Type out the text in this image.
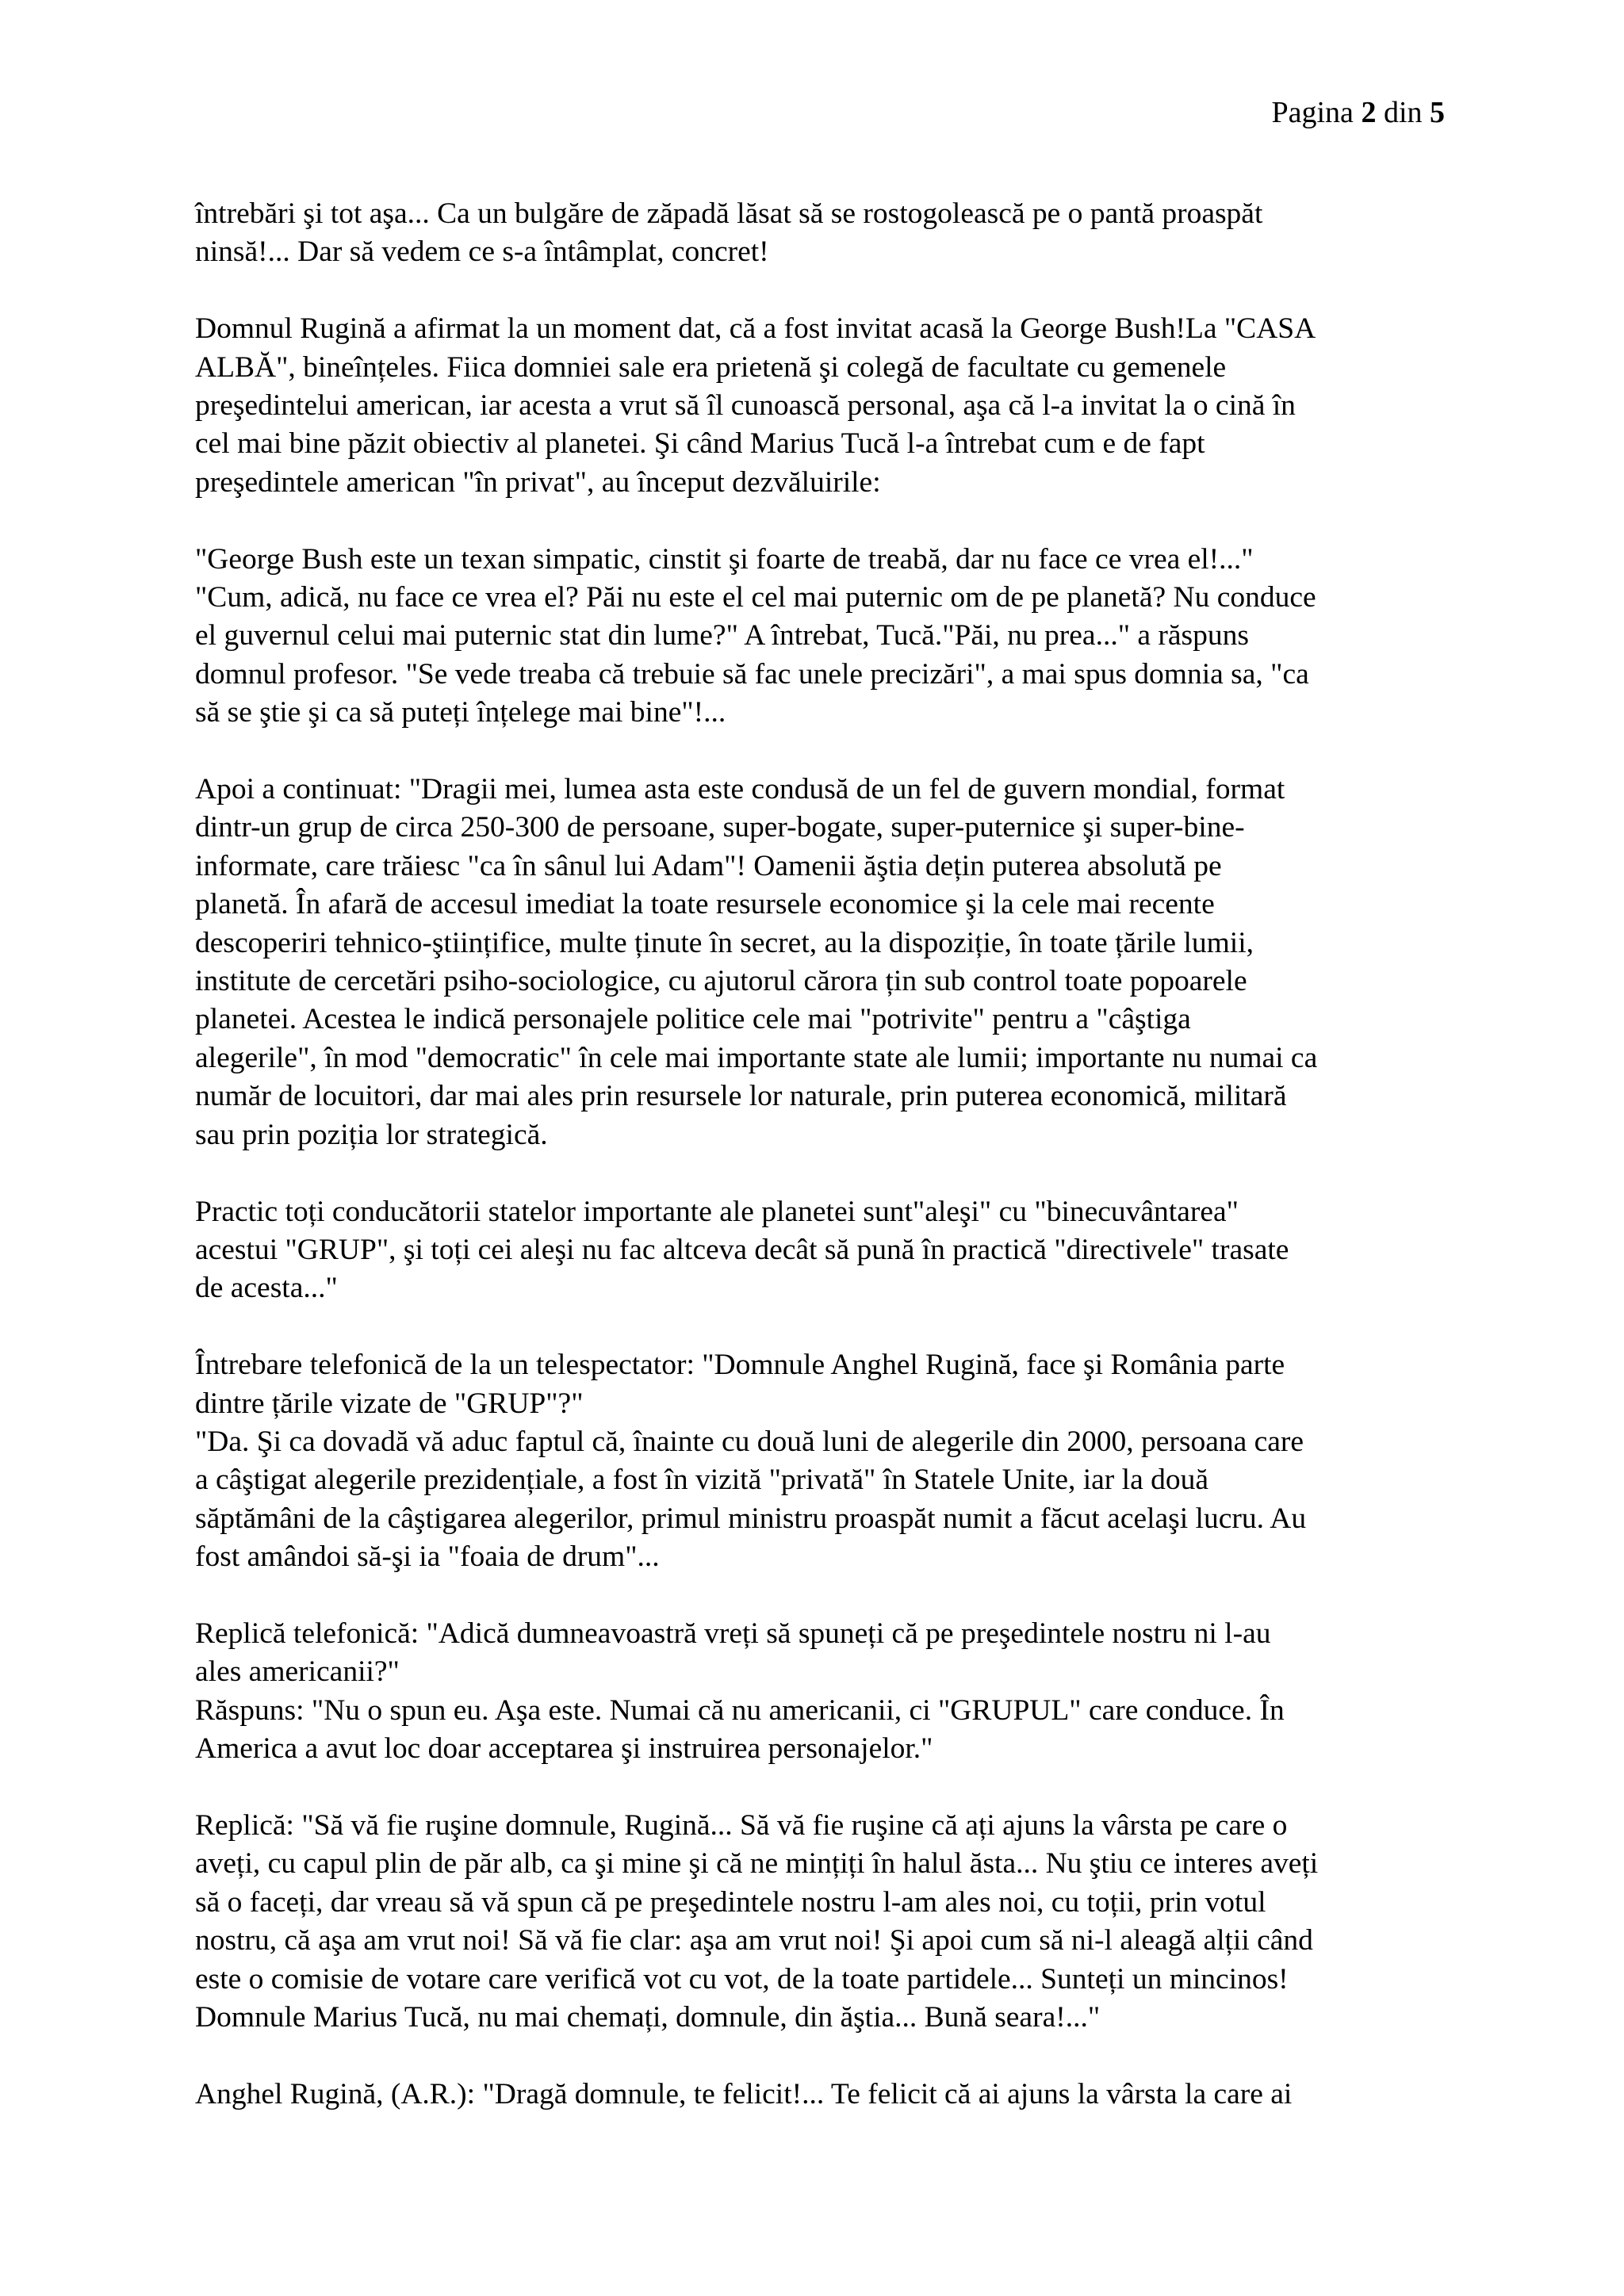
Pagina 2 din 5

întrebări şi tot aşa... Ca un bulgăre de zăpadă lăsat să se rostogolească pe o pantă proaspăt
ninsă!... Dar să vedem ce s-a întâmplat, concret!

Domnul Rugină a afirmat la un moment dat, că a fost invitat acasă la George Bush!La "CASA
ALBĂ", bineînțeles. Fiica domniei sale era prietenă şi colegă de facultate cu gemenele
preşedintelui american, iar acesta a vrut să îl cunoască personal, aşa că l-a invitat la o cină în
cel mai bine păzit obiectiv al planetei. Şi când Marius Tucă l-a întrebat cum e de fapt
preşedintele american "în privat", au început dezvăluirile:

"George Bush este un texan simpatic, cinstit şi foarte de treabă, dar nu face ce vrea el!..."
"Cum, adică, nu face ce vrea el? Păi nu este el cel mai puternic om de pe planetă? Nu conduce
el guvernul celui mai puternic stat din lume?" A întrebat, Tucă."Păi, nu prea..." a răspuns
domnul profesor. "Se vede treaba că trebuie să fac unele precizări", a mai spus domnia sa, "ca
să se ştie şi ca să puteți înțelege mai bine"!...

Apoi a continuat: "Dragii mei, lumea asta este condusă de un fel de guvern mondial, format
dintr-un grup de circa 250-300 de persoane, super-bogate, super-puternice şi super-bine-
informate, care trăiesc "ca în sânul lui Adam"! Oamenii ăştia dețin puterea absolută pe
planetă. În afară de accesul imediat la toate resursele economice şi la cele mai recente
descoperiri tehnico-ştiințifice, multe ținute în secret, au la dispoziție, în toate țările lumii,
institute de cercetări psiho-sociologice, cu ajutorul cărora țin sub control toate popoarele
planetei. Acestea le indică personajele politice cele mai "potrivite" pentru a "câştiga
alegerile", în mod "democratic" în cele mai importante state ale lumii; importante nu numai ca
număr de locuitori, dar mai ales prin resursele lor naturale, prin puterea economică, militară
sau prin poziția lor strategică.

Practic toți conducătorii statelor importante ale planetei sunt"aleşi" cu "binecuvântarea"
acestui "GRUP", şi toți cei aleşi nu fac altceva decât să pună în practică "directivele" trasate
de acesta..."

Întrebare telefonică de la un telespectator: "Domnule Anghel Rugină, face şi România parte
dintre țările vizate de "GRUP"?"
"Da. Şi ca dovadă vă aduc faptul că, înainte cu două luni de alegerile din 2000, persoana care
a câştigat alegerile prezidențiale, a fost în vizită "privată" în Statele Unite, iar la două
săptămâni de la câştigarea alegerilor, primul ministru proaspăt numit a făcut acelaşi lucru. Au
fost amândoi să-şi ia "foaia de drum"...

Replică telefonică: "Adică dumneavoastră vreți să spuneți că pe preşedintele nostru ni l-au
ales americanii?"
Răspuns: "Nu o spun eu. Aşa este. Numai că nu americanii, ci "GRUPUL" care conduce. În
America a avut loc doar acceptarea şi instruirea personajelor."

Replică: "Să vă fie ruşine domnule, Rugină... Să vă fie ruşine că ați ajuns la vârsta pe care o
aveți, cu capul plin de păr alb, ca şi mine şi că ne mințiți în halul ăsta... Nu ştiu ce interes aveți
să o faceți, dar vreau să vă spun că pe preşedintele nostru l-am ales noi, cu toții, prin votul
nostru, că aşa am vrut noi! Să vă fie clar: aşa am vrut noi! Şi apoi cum să ni-l aleagă alții când
este o comisie de votare care verifică vot cu vot, de la toate partidele... Sunteți un mincinos!
Domnule Marius Tucă, nu mai chemați, domnule, din ăştia... Bună seara!..."

Anghel Rugină, (A.R.): "Dragă domnule, te felicit!... Te felicit că ai ajuns la vârsta la care ai
